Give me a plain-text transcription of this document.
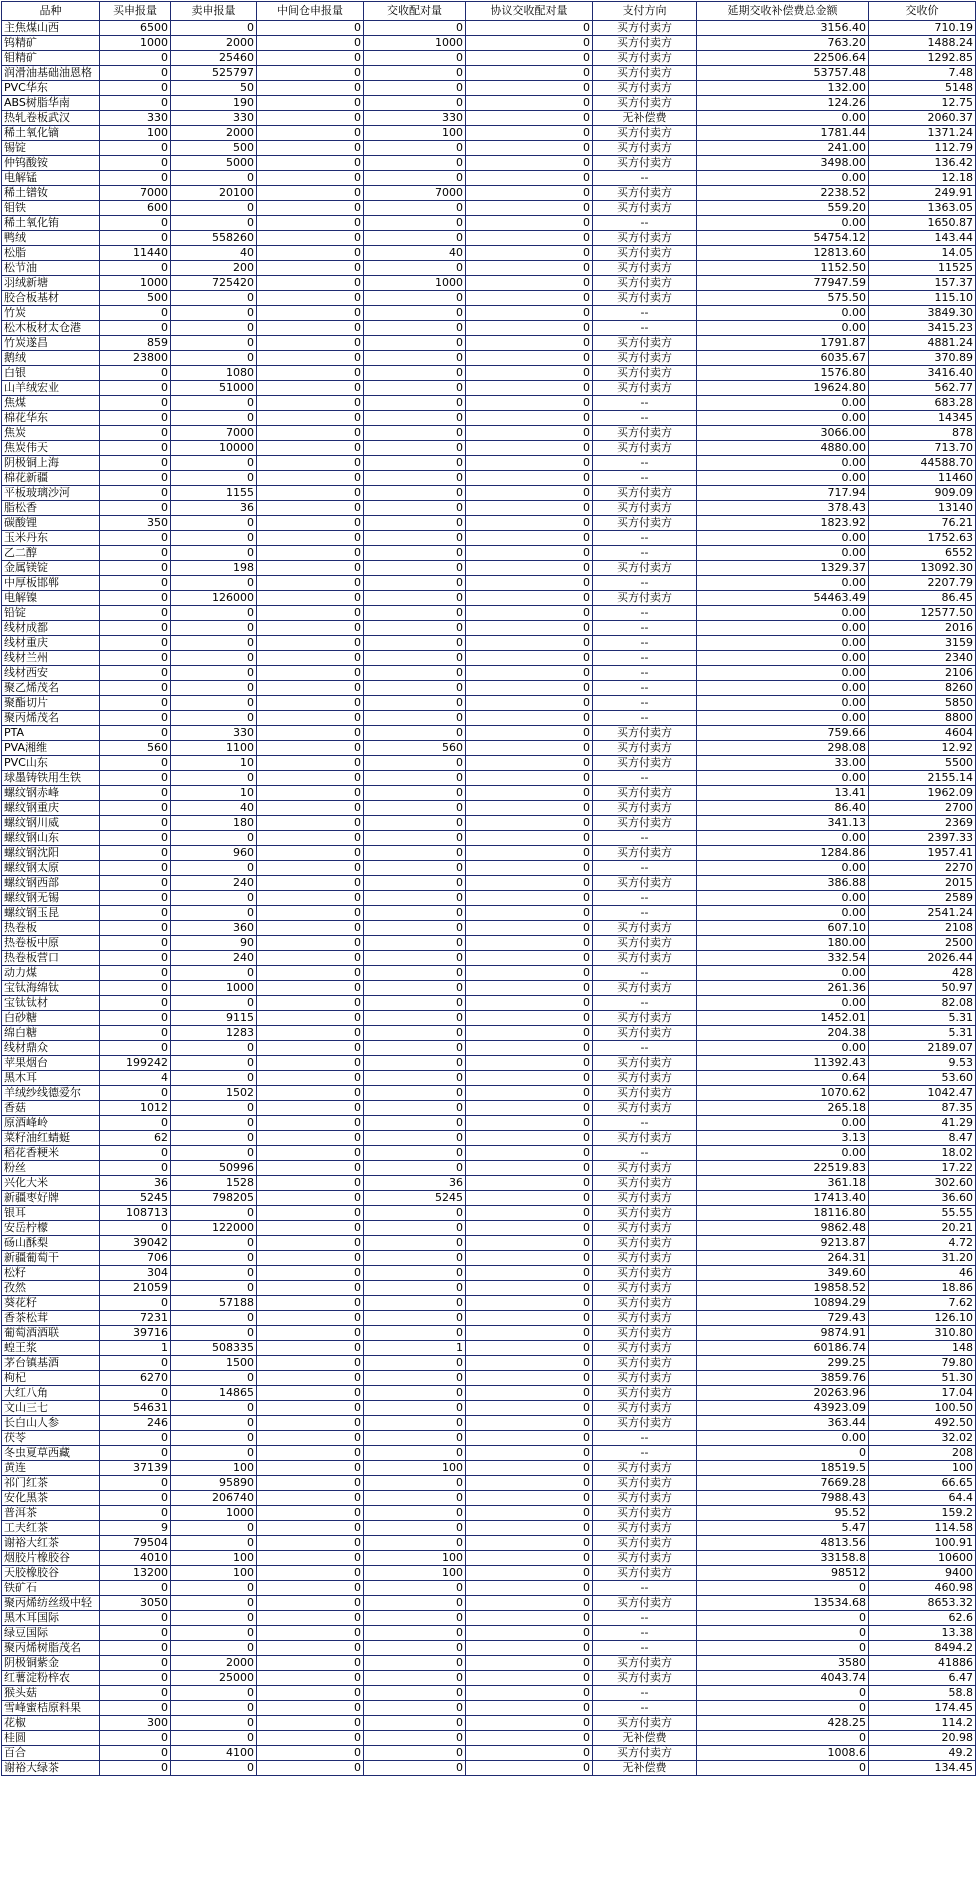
品种	买申报量	卖申报量	中间仓申报量	交收配对量	协议交收配对量	支付方向	延期交收补偿费总金额	交收价
主焦煤山西	6500	0	0	0	0	买方付卖方	3156.40	710.19
钨精矿	1000	2000	0	1000	0	买方付卖方	763.20	1488.24
钼精矿	0	25460	0	0	0	买方付卖方	22506.64	1292.85
润滑油基础油恩格	0	525797	0	0	0	买方付卖方	53757.48	7.48
PVC华东	0	50	0	0	0	买方付卖方	132.00	5148
ABS树脂华南	0	190	0	0	0	买方付卖方	124.26	12.75
热轧卷板武汉	330	330	0	330	0	无补偿费	0.00	2060.37
稀土氧化镝	100	2000	0	100	0	买方付卖方	1781.44	1371.24
锡锭	0	500	0	0	0	买方付卖方	241.00	112.79
仲钨酸铵	0	5000	0	0	0	买方付卖方	3498.00	136.42
电解锰	0	0	0	0	0	--	0.00	12.18
稀土镨钕	7000	20100	0	7000	0	买方付卖方	2238.52	249.91
钼铁	600	0	0	0	0	买方付卖方	559.20	1363.05
稀土氧化铕	0	0	0	0	0	--	0.00	1650.87
鸭绒	0	558260	0	0	0	买方付卖方	54754.12	143.44
松脂	11440	40	0	40	0	买方付卖方	12813.60	14.05
松节油	0	200	0	0	0	买方付卖方	1152.50	11525
羽绒新塘	1000	725420	0	1000	0	买方付卖方	77947.59	157.37
胶合板基材	500	0	0	0	0	买方付卖方	575.50	115.10
竹炭	0	0	0	0	0	--	0.00	3849.30
松木板材太仓港	0	0	0	0	0	--	0.00	3415.23
竹炭遂昌	859	0	0	0	0	买方付卖方	1791.87	4881.24
鹅绒	23800	0	0	0	0	买方付卖方	6035.67	370.89
白银	0	1080	0	0	0	买方付卖方	1576.80	3416.40
山羊绒宏业	0	51000	0	0	0	买方付卖方	19624.80	562.77
焦煤	0	0	0	0	0	--	0.00	683.28
棉花华东	0	0	0	0	0	--	0.00	14345
焦炭	0	7000	0	0	0	买方付卖方	3066.00	878
焦炭伟天	0	10000	0	0	0	买方付卖方	4880.00	713.70
阴极铜上海	0	0	0	0	0	--	0.00	44588.70
棉花新疆	0	0	0	0	0	--	0.00	11460
平板玻璃沙河	0	1155	0	0	0	买方付卖方	717.94	909.09
脂松香	0	36	0	0	0	买方付卖方	378.43	13140
碳酸锂	350	0	0	0	0	买方付卖方	1823.92	76.21
玉米丹东	0	0	0	0	0	--	0.00	1752.63
乙二醇	0	0	0	0	0	--	0.00	6552
金属镁锭	0	198	0	0	0	买方付卖方	1329.37	13092.30
中厚板邯郸	0	0	0	0	0	--	0.00	2207.79
电解镍	0	126000	0	0	0	买方付卖方	54463.49	86.45
铅锭	0	0	0	0	0	--	0.00	12577.50
线材成都	0	0	0	0	0	--	0.00	2016
线材重庆	0	0	0	0	0	--	0.00	3159
线材兰州	0	0	0	0	0	--	0.00	2340
线材西安	0	0	0	0	0	--	0.00	2106
聚乙烯茂名	0	0	0	0	0	--	0.00	8260
聚酯切片	0	0	0	0	0	--	0.00	5850
聚丙烯茂名	0	0	0	0	0	--	0.00	8800
PTA	0	330	0	0	0	买方付卖方	759.66	4604
PVA湘维	560	1100	0	560	0	买方付卖方	298.08	12.92
PVC山东	0	10	0	0	0	买方付卖方	33.00	5500
球墨铸铁用生铁	0	0	0	0	0	--	0.00	2155.14
螺纹钢赤峰	0	10	0	0	0	买方付卖方	13.41	1962.09
螺纹钢重庆	0	40	0	0	0	买方付卖方	86.40	2700
螺纹钢川威	0	180	0	0	0	买方付卖方	341.13	2369
螺纹钢山东	0	0	0	0	0	--	0.00	2397.33
螺纹钢沈阳	0	960	0	0	0	买方付卖方	1284.86	1957.41
螺纹钢太原	0	0	0	0	0	--	0.00	2270
螺纹钢西部	0	240	0	0	0	买方付卖方	386.88	2015
螺纹钢无锡	0	0	0	0	0	--	0.00	2589
螺纹钢玉昆	0	0	0	0	0	--	0.00	2541.24
热卷板	0	360	0	0	0	买方付卖方	607.10	2108
热卷板中原	0	90	0	0	0	买方付卖方	180.00	2500
热卷板营口	0	240	0	0	0	买方付卖方	332.54	2026.44
动力煤	0	0	0	0	0	--	0.00	428
宝钛海绵钛	0	1000	0	0	0	买方付卖方	261.36	50.97
宝钛钛材	0	0	0	0	0	--	0.00	82.08
白砂糖	0	9115	0	0	0	买方付卖方	1452.01	5.31
绵白糖	0	1283	0	0	0	买方付卖方	204.38	5.31
线材鼎众	0	0	0	0	0	--	0.00	2189.07
苹果烟台	199242	0	0	0	0	买方付卖方	11392.43	9.53
黑木耳	4	0	0	0	0	买方付卖方	0.64	53.60
羊绒纱线德爱尔	0	1502	0	0	0	买方付卖方	1070.62	1042.47
香菇	1012	0	0	0	0	买方付卖方	265.18	87.35
原酒峰岭	0	0	0	0	0	--	0.00	41.29
菜籽油红蜻蜓	62	0	0	0	0	买方付卖方	3.13	8.47
稻花香粳米	0	0	0	0	0	--	0.00	18.02
粉丝	0	50996	0	0	0	买方付卖方	22519.83	17.22
兴化大米	36	1528	0	36	0	买方付卖方	361.18	302.60
新疆枣好牌	5245	798205	0	5245	0	买方付卖方	17413.40	36.60
银耳	108713	0	0	0	0	买方付卖方	18116.80	55.55
安岳柠檬	0	122000	0	0	0	买方付卖方	9862.48	20.21
砀山酥梨	39042	0	0	0	0	买方付卖方	9213.87	4.72
新疆葡萄干	706	0	0	0	0	买方付卖方	264.31	31.20
松籽	304	0	0	0	0	买方付卖方	349.60	46
孜然	21059	0	0	0	0	买方付卖方	19858.52	18.86
葵花籽	0	57188	0	0	0	买方付卖方	10894.29	7.62
香茶松茸	7231	0	0	0	0	买方付卖方	729.43	126.10
葡萄酒酒联	39716	0	0	0	0	买方付卖方	9874.91	310.80
蝗王浆	1	508335	0	1	0	买方付卖方	60186.74	148
茅台镇基酒	0	1500	0	0	0	买方付卖方	299.25	79.80
枸杞	6270	0	0	0	0	买方付卖方	3859.76	51.30
大红八角	0	14865	0	0	0	买方付卖方	20263.96	17.04
文山三七	54631	0	0	0	0	买方付卖方	43923.09	100.50
长白山人参	246	0	0	0	0	买方付卖方	363.44	492.50
茯苓	0	0	0	0	0	--	0.00	32.02
冬虫夏草西藏	0	0	0	0	0	--	0	208
黄连	37139	100	0	100	0	买方付卖方	18519.5	100
祁门红茶	0	95890	0	0	0	买方付卖方	7669.28	66.65
安化黑茶	0	206740	0	0	0	买方付卖方	7988.43	64.4
普洱茶	0	1000	0	0	0	买方付卖方	95.52	159.2
工夫红茶	9	0	0	0	0	买方付卖方	5.47	114.58
谢裕大红茶	79504	0	0	0	0	买方付卖方	4813.56	100.91
烟胶片橡胶谷	4010	100	0	100	0	买方付卖方	33158.8	10600
天胶橡胶谷	13200	100	0	100	0	买方付卖方	98512	9400
铁矿石	0	0	0	0	0	--	0	460.98
聚丙烯纺丝级中轻	3050	0	0	0	0	买方付卖方	13534.68	8653.32
黑木耳国际	0	0	0	0	0	--	0	62.6
绿豆国际	0	0	0	0	0	--	0	13.38
聚丙烯树脂茂名	0	0	0	0	0	--	0	8494.2
阴极铜紫金	0	2000	0	0	0	买方付卖方	3580	41886
红薯淀粉梓农	0	25000	0	0	0	买方付卖方	4043.74	6.47
猴头菇	0	0	0	0	0	--	0	58.8
雪峰蜜桔原料果	0	0	0	0	0	--	0	174.45
花椒	300	0	0	0	0	买方付卖方	428.25	114.2
桂圆	0	0	0	0	0	无补偿费	0	20.98
百合	0	4100	0	0	0	买方付卖方	1008.6	49.2
谢裕大绿茶	0	0	0	0	0	无补偿费	0	134.45
